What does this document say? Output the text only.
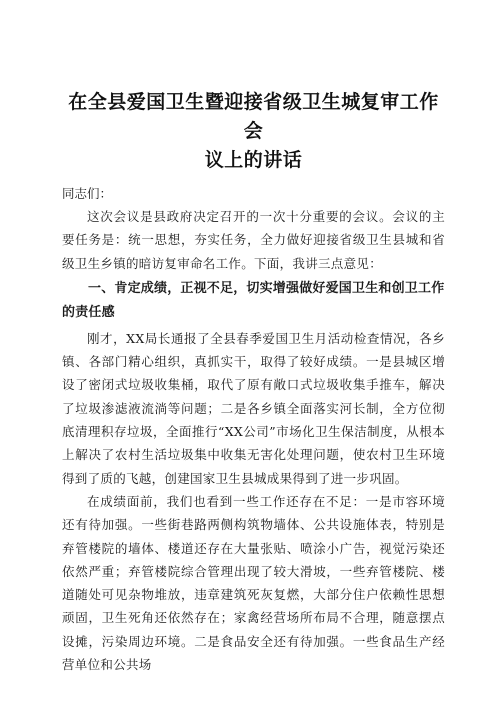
在全县爱国卫生暨迎接省级卫生城复审工作会
议上的讲话

同志们：

这次会议是县政府决定召开的一次十分重要的会议。会议的主要任务是：统一思想，夯实任务，全力做好迎接省级卫生县城和省级卫生乡镇的暗访复审命名工作。下面，我讲三点意见：

一、肯定成绩，正视不足，切实增强做好爱国卫生和创卫工作的责任感

刚才，XX局长通报了全县春季爱国卫生月活动检查情况，各乡镇、各部门精心组织，真抓实干，取得了较好成绩。一是县城区增设了密闭式垃圾收集桶，取代了原有敞口式垃圾收集手推车，解决了垃圾渗滤液流淌等问题；二是各乡镇全面落实河长制，全方位彻底清理积存垃圾，全面推行“XX公司”市场化卫生保洁制度，从根本上解决了农村生活垃圾集中收集无害化处理问题，使农村卫生环境得到了质的飞越，创建国家卫生县城成果得到了进一步巩固。

在成绩面前，我们也看到一些工作还存在不足：一是市容环境还有待加强。一些街巷路两侧构筑物墙体、公共设施体表，特别是弃管楼院的墙体、楼道还存在大量张贴、喷涂小广告，视觉污染还依然严重；弃管楼院综合管理出现了较大滑坡，一些弃管楼院、楼道随处可见杂物堆放，违章建筑死灰复燃，大部分住户依赖性思想顽固，卫生死角还依然存在；家禽经营场所布局不合理，随意摆点设摊，污染周边环境。二是食品安全还有待加强。一些食品生产经营单位和公共场
